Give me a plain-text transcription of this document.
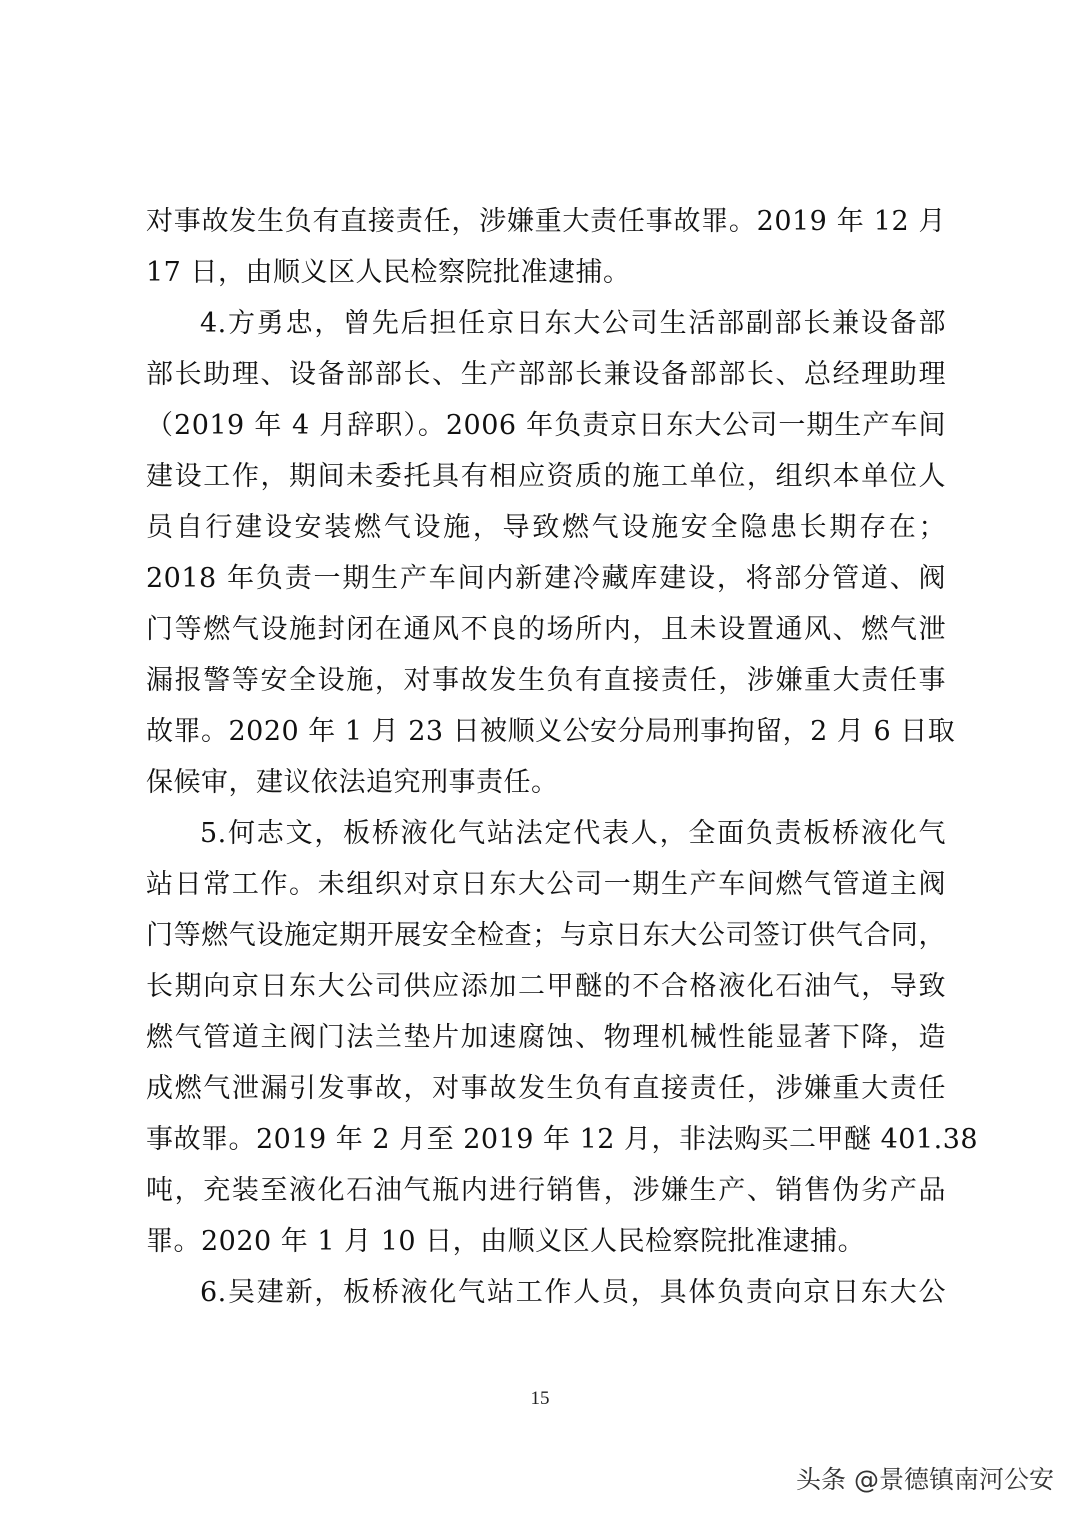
对事故发生负有直接责任，涉嫌重大责任事故罪。2019 年 12 月
17 日，由顺义区人民检察院批准逮捕。
4.方勇忠，曾先后担任京日东大公司生活部副部长兼设备部
部长助理、设备部部长、生产部部长兼设备部部长、总经理助理
（2019 年 4 月辞职）。2006 年负责京日东大公司一期生产车间
建设工作，期间未委托具有相应资质的施工单位，组织本单位人
员自行建设安装燃气设施，导致燃气设施安全隐患长期存在；
2018 年负责一期生产车间内新建冷藏库建设，将部分管道、阀
门等燃气设施封闭在通风不良的场所内，且未设置通风、燃气泄
漏报警等安全设施，对事故发生负有直接责任，涉嫌重大责任事
故罪。2020 年 1 月 23 日被顺义公安分局刑事拘留，2 月 6 日取
保候审，建议依法追究刑事责任。
5.何志文，板桥液化气站法定代表人，全面负责板桥液化气
站日常工作。未组织对京日东大公司一期生产车间燃气管道主阀
门等燃气设施定期开展安全检查；与京日东大公司签订供气合同，
长期向京日东大公司供应添加二甲醚的不合格液化石油气，导致
燃气管道主阀门法兰垫片加速腐蚀、物理机械性能显著下降，造
成燃气泄漏引发事故，对事故发生负有直接责任，涉嫌重大责任
事故罪。2019 年 2 月至 2019 年 12 月，非法购买二甲醚 401.38
吨，充装至液化石油气瓶内进行销售，涉嫌生产、销售伪劣产品
罪。2020 年 1 月 10 日，由顺义区人民检察院批准逮捕。
6.吴建新，板桥液化气站工作人员，具体负责向京日东大公
15
头条 @景德镇南河公安
